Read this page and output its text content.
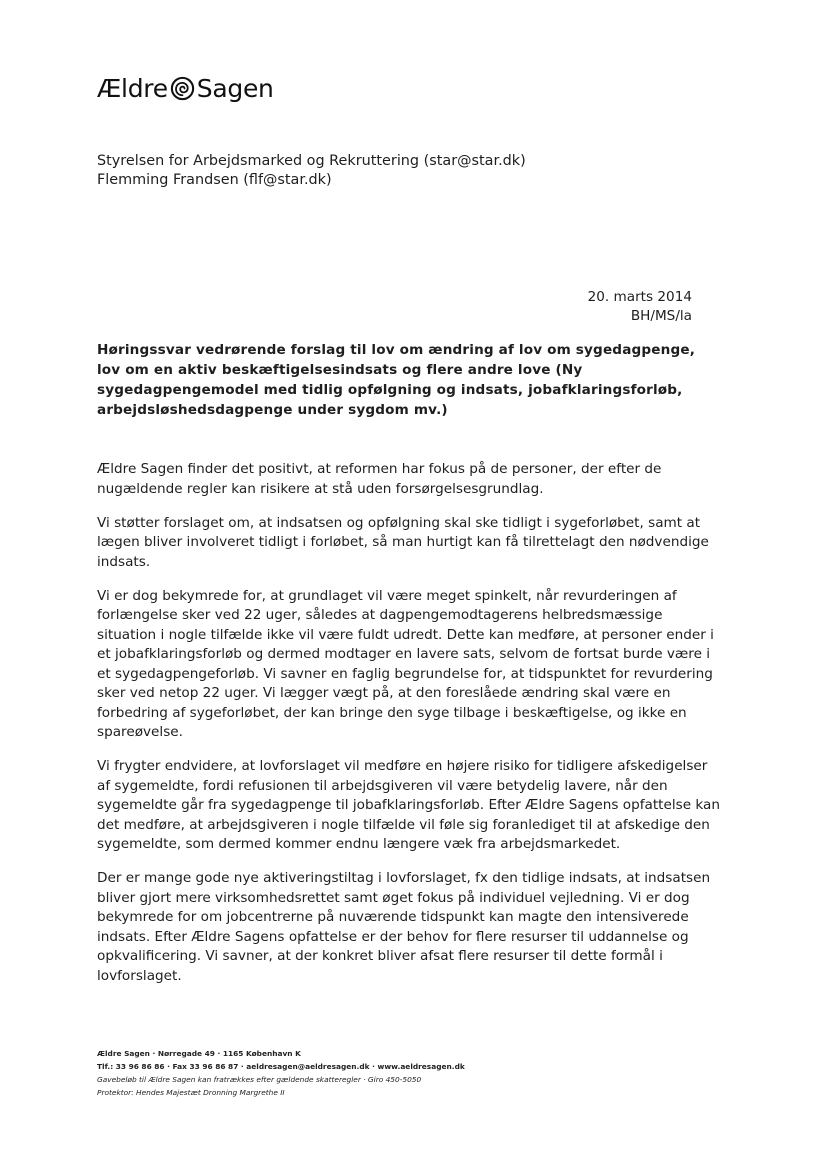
Ældre Sagen
Styrelsen for Arbejdsmarked og Rekruttering (star@star.dk)
Flemming Frandsen (flf@star.dk)
20. marts 2014
BH/MS/la
Høringssvar vedrørende forslag til lov om ændring af lov om sygedagpenge, lov om en aktiv beskæftigelsesindsats og flere andre love (Ny sygedagpengemodel med tidlig opfølgning og indsats, jobafklaringsforløb, arbejdsløshedsdagpenge under sygdom mv.)

Ældre Sagen finder det positivt, at reformen har fokus på de personer, der efter de nugældende regler kan risikere at stå uden forsørgelsesgrundlag.

Vi støtter forslaget om, at indsatsen og opfølgning skal ske tidligt i sygeforløbet, samt at lægen bliver involveret tidligt i forløbet, så man hurtigt kan få tilrettelagt den nødvendige indsats.

Vi er dog bekymrede for, at grundlaget vil være meget spinkelt, når revurderingen af forlængelse sker ved 22 uger, således at dagpengemodtagerens helbredsmæssige situation i nogle tilfælde ikke vil være fuldt udredt. Dette kan medføre, at personer ender i et jobafklaringsforløb og dermed modtager en lavere sats, selvom de fortsat burde være i et sygedagpengeforløb. Vi savner en faglig begrundelse for, at tidspunktet for revurdering sker ved netop 22 uger. Vi lægger vægt på, at den foreslåede ændring skal være en forbedring af sygeforløbet, der kan bringe den syge tilbage i beskæftigelse, og ikke en spareøvelse.

Vi frygter endvidere, at lovforslaget vil medføre en højere risiko for tidligere afskedigelser af sygemeldte, fordi refusionen til arbejdsgiveren vil være betydelig lavere, når den sygemeldte går fra sygedagpenge til jobafklaringsforløb. Efter Ældre Sagens opfattelse kan det medføre, at arbejdsgiveren i nogle tilfælde vil føle sig foranlediget til at afskedige den sygemeldte, som dermed kommer endnu længere væk fra arbejdsmarkedet.

Der er mange gode nye aktiveringstiltag i lovforslaget, fx den tidlige indsats, at indsatsen bliver gjort mere virksomhedsrettet samt øget fokus på individuel vejledning. Vi er dog bekymrede for om jobcentrerne på nuværende tidspunkt kan magte den intensiverede indsats. Efter Ældre Sagens opfattelse er der behov for flere resurser til uddannelse og opkvalificering. Vi savner, at der konkret bliver afsat flere resurser til dette formål i lovforslaget.

Ældre Sagen · Nørregade 49 · 1165 København K
Tlf.: 33 96 86 86 · Fax 33 96 86 87 · aeldresagen@aeldresagen.dk · www.aeldresagen.dk
Gavebeløb til Ældre Sagen kan fratrækkes efter gældende skatteregler · Giro 450-5050
Protektor: Hendes Majestæt Dronning Margrethe II
